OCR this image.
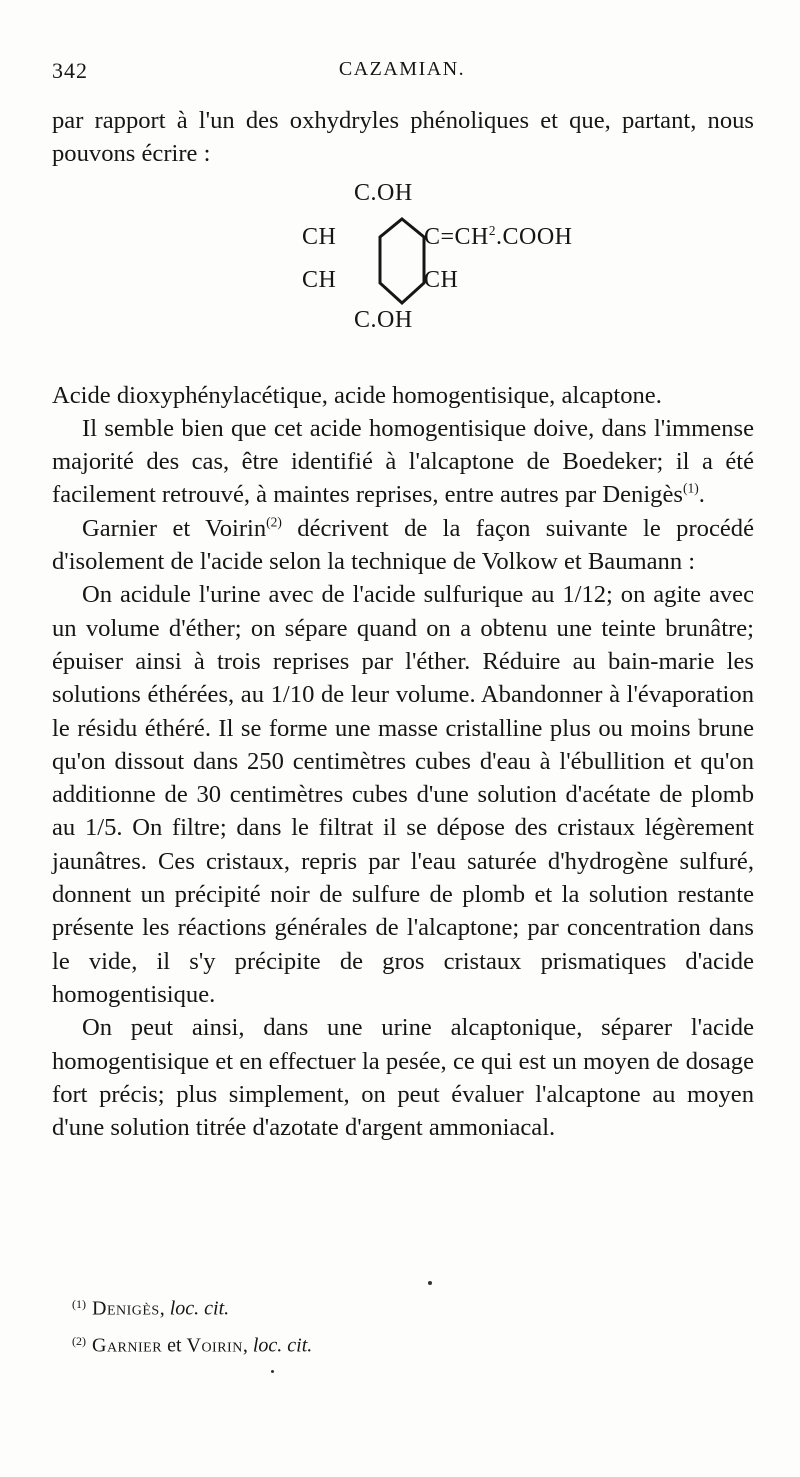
342	CAZAMIAN.

par rapport à l'un des oxhydryles phénoliques et que, partant, nous pouvons écrire :

C.OH
CH	$C=CH^2.COOH$
CH	CH
C.OH

Acide dioxyphénylacétique, acide homogentisique, alcaptone.

Il semble bien que cet acide homogentisique doive, dans l'immense majorité des cas, être identifié à l'alcaptone de Boedeker; il a été facilement retrouvé, à maintes reprises, entre autres par Denigès$^{(1)}$.

Garnier et Voirin$^{(2)}$ décrivent de la façon suivante le procédé d'isolement de l'acide selon la technique de Volkow et Baumann :

On acidule l'urine avec de l'acide sulfurique au 1/12; on agite avec un volume d'éther; on sépare quand on a obtenu une teinte brunâtre; épuiser ainsi à trois reprises par l'éther. Réduire au bain-marie les solutions éthérées, au 1/10 de leur volume. Abandonner à l'évaporation le résidu éthéré. Il se forme une masse cristalline plus ou moins brune qu'on dissout dans 250 centimètres cubes d'eau à l'ébullition et qu'on additionne de 30 centimètres cubes d'une solution d'acétate de plomb au 1/5. On filtre; dans le filtrat il se dépose des cristaux légèrement jaunâtres. Ces cristaux, repris par l'eau saturée d'hydrogène sulfuré, donnent un précipité noir de sulfure de plomb et la solution restante présente les réactions générales de l'alcaptone; par concentration dans le vide, il s'y précipite de gros cristaux prismatiques d'acide homogentisique.

On peut ainsi, dans une urine alcaptonique, séparer l'acide homogentisique et en effectuer la pesée, ce qui est un moyen de dosage fort précis; plus simplement, on peut évaluer l'alcaptone au moyen d'une solution titrée d'azotate d'argent ammoniacal.

$^{(1)}$ Denigès, loc. cit.

$^{(2)}$ Garnier et Voirin, loc. cit.
